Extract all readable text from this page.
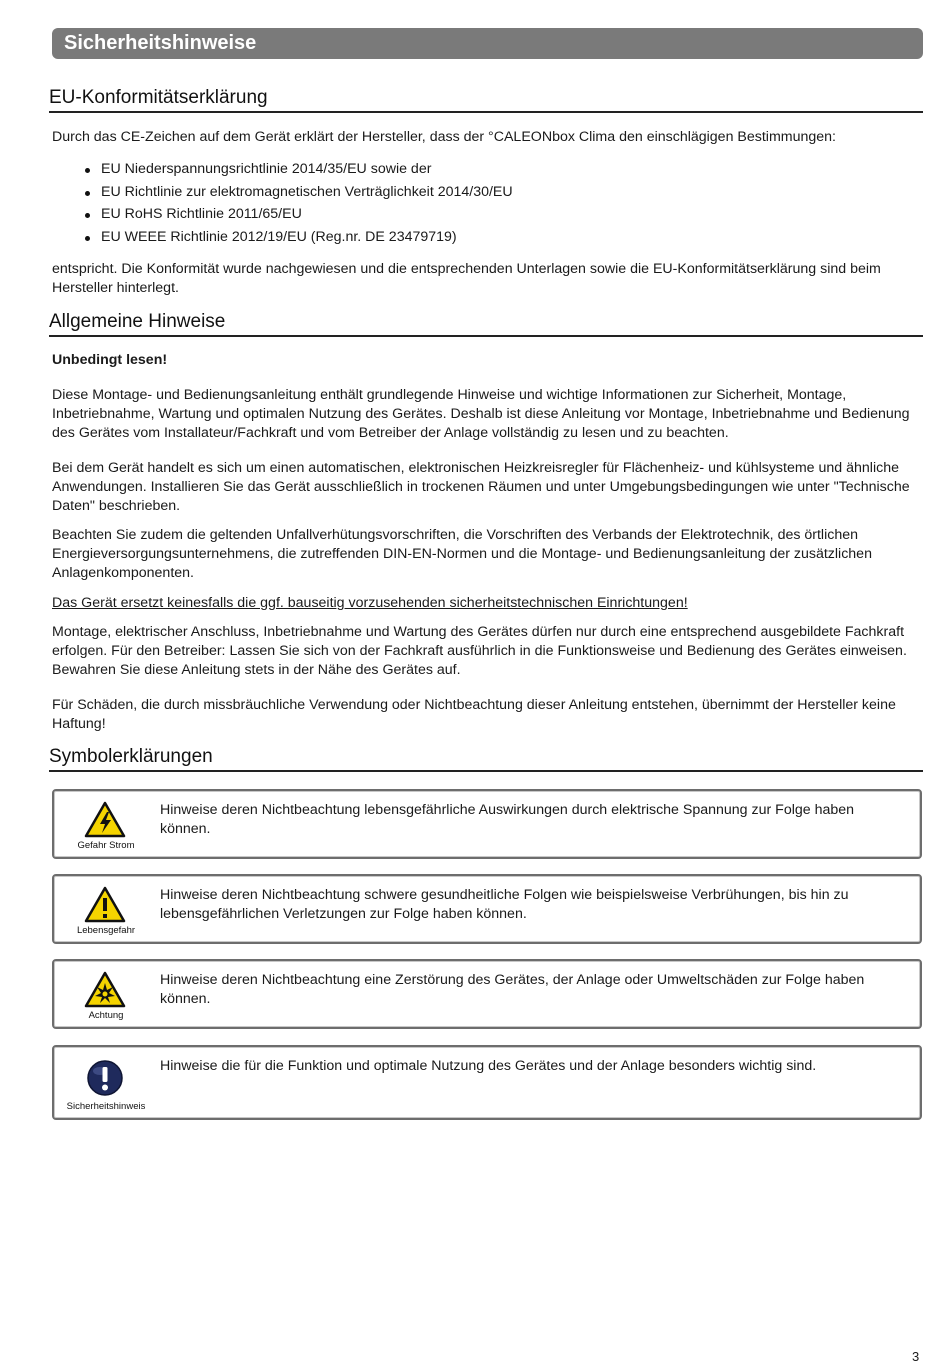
Sicherheitshinweise
EU-Konformitätserklärung
Durch das CE-Zeichen auf dem Gerät erklärt der Hersteller, dass der °CALEONbox Clima den einschlägigen Bestimmungen:
EU Niederspannungsrichtlinie 2014/35/EU sowie der
EU Richtlinie zur elektromagnetischen Verträglichkeit 2014/30/EU
EU RoHS Richtlinie 2011/65/EU
EU WEEE Richtlinie 2012/19/EU (Reg.nr. DE 23479719)
entspricht. Die Konformität wurde nachgewiesen und die entsprechenden Unterlagen sowie die EU-Konformitätserklärung sind beim Hersteller hinterlegt.
Allgemeine Hinweise
Unbedingt lesen!
Diese Montage- und Bedienungsanleitung enthält grundlegende Hinweise und wichtige Informationen zur Sicherheit, Montage, Inbetriebnahme, Wartung und optimalen Nutzung des Gerätes. Deshalb ist diese Anleitung vor Montage, Inbetriebnahme und Bedienung des Gerätes vom Installateur/Fachkraft und vom Betreiber der Anlage vollständig zu lesen und zu beachten.
Bei dem Gerät handelt es sich um einen automatischen, elektronischen Heizkreisregler für Flächenheiz- und kühlsysteme und ähnliche Anwendungen. Installieren Sie das Gerät ausschließlich in trockenen Räumen und unter Umgebungsbedingungen wie unter "Technische Daten" beschrieben.
Beachten Sie zudem die geltenden Unfallverhütungsvorschriften, die Vorschriften des Verbands der Elektrotechnik, des örtlichen Energieversorgungsunternehmens, die zutreffenden DIN-EN-Normen und die Montage- und Bedienungsanleitung der zusätzlichen Anlagenkomponenten.
Das Gerät ersetzt keinesfalls die ggf. bauseitig vorzusehenden sicherheitstechnischen Einrichtungen!
Montage, elektrischer Anschluss, Inbetriebnahme und Wartung des Gerätes dürfen nur durch eine entsprechend ausgebildete Fachkraft erfolgen. Für den Betreiber: Lassen Sie sich von der Fachkraft ausführlich in die Funktionsweise und Bedienung des Gerätes einweisen. Bewahren Sie diese Anleitung stets in der Nähe des Gerätes auf.
Für Schäden, die durch missbräuchliche Verwendung oder Nichtbeachtung dieser Anleitung entstehen, übernimmt der Hersteller keine Haftung!
Symbolerklärungen
Gefahr Strom
Hinweise deren Nichtbeachtung lebensgefährliche Auswirkungen durch elektrische Spannung zur Folge haben können.
Lebensgefahr
Hinweise deren Nichtbeachtung schwere gesundheitliche Folgen wie beispielsweise Verbrühungen, bis hin zu lebensgefährlichen Verletzungen zur Folge haben können.
Achtung
Hinweise deren Nichtbeachtung eine Zerstörung des Gerätes, der Anlage oder Umweltschäden zur Folge haben können.
Sicherheitshinweis
Hinweise die für die Funktion und optimale Nutzung des Gerätes und der Anlage besonders wichtig sind.
3
